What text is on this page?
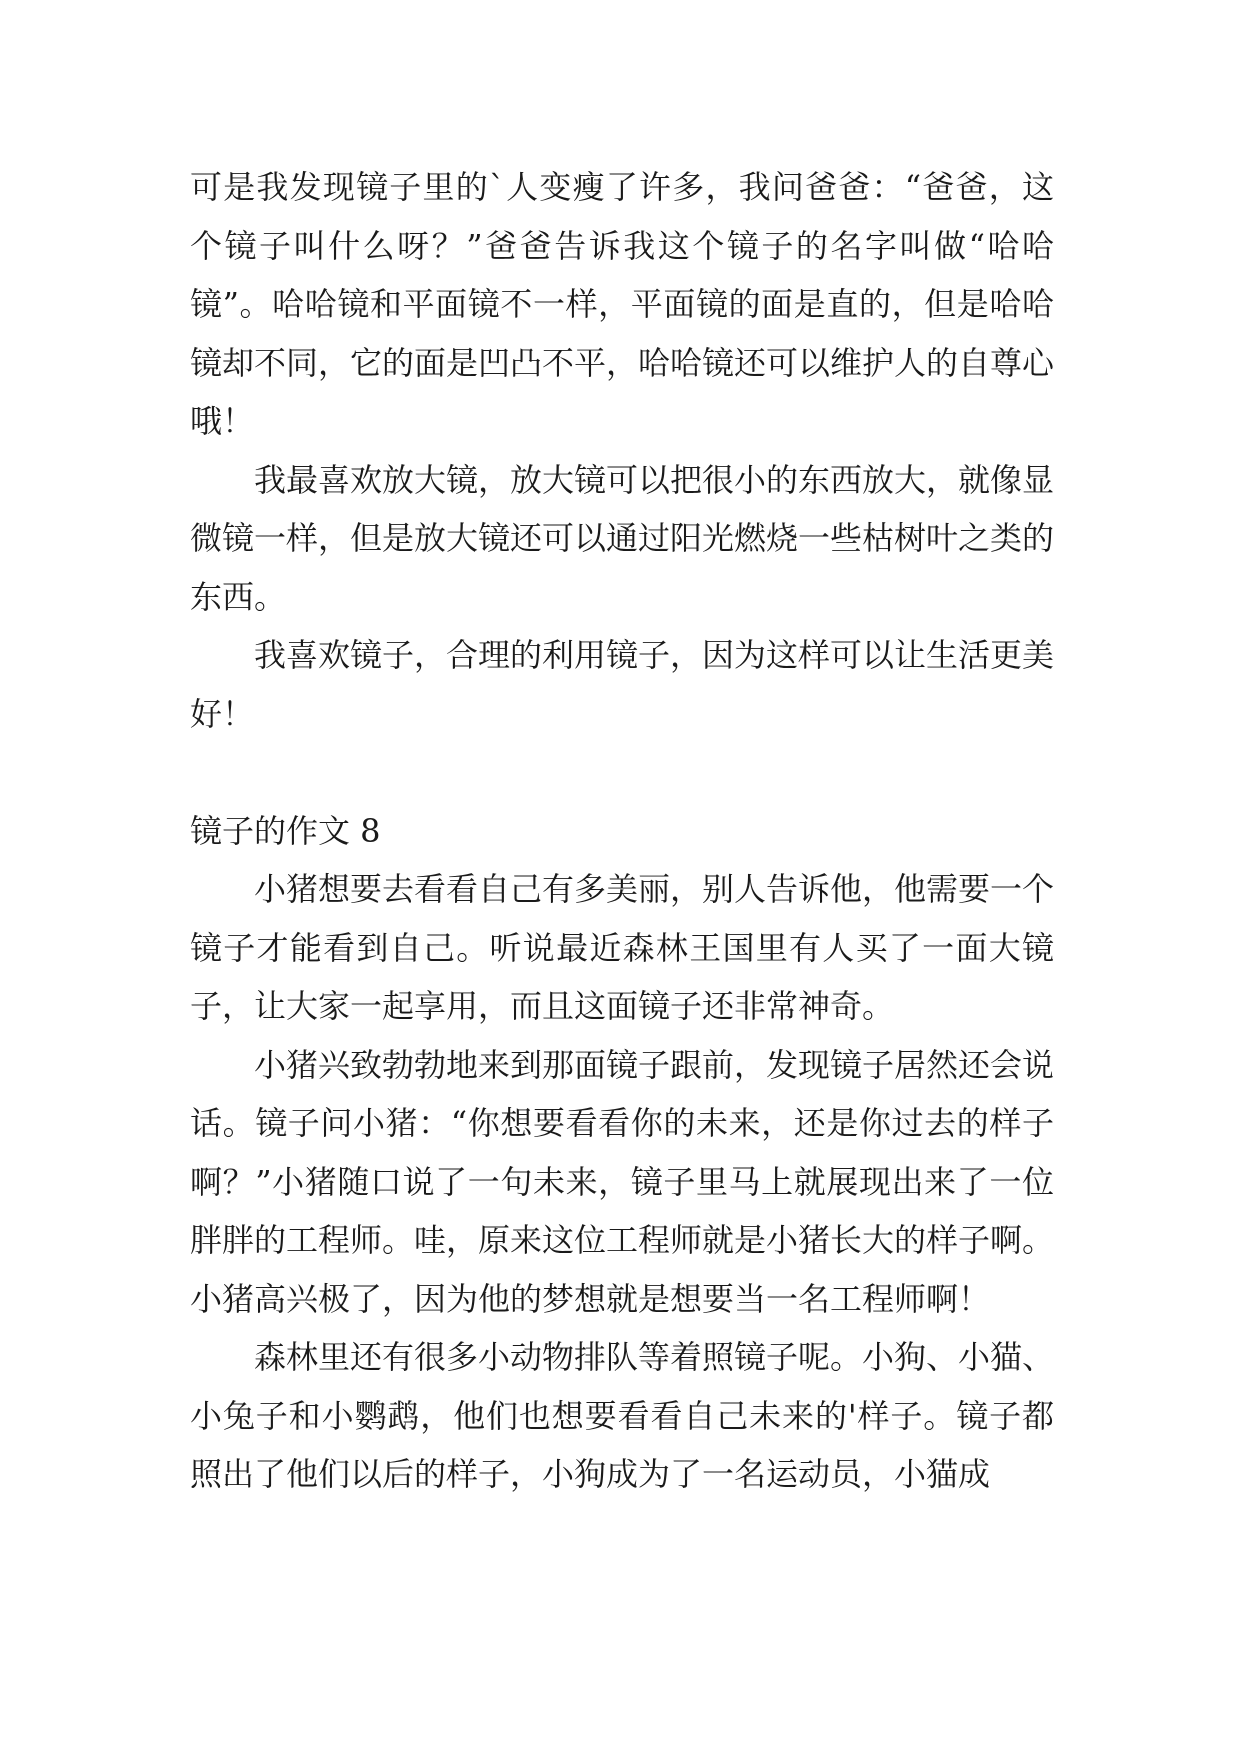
可是我发现镜子里的`人变瘦了许多，我问爸爸：“爸爸，这个镜子叫什么呀？”爸爸告诉我这个镜子的名字叫做“哈哈镜”。哈哈镜和平面镜不一样，平面镜的面是直的，但是哈哈镜却不同，它的面是凹凸不平，哈哈镜还可以维护人的自尊心哦！

我最喜欢放大镜，放大镜可以把很小的东西放大，就像显微镜一样，但是放大镜还可以通过阳光燃烧一些枯树叶之类的东西。

我喜欢镜子，合理的利用镜子，因为这样可以让生活更美好！

镜子的作文 8

小猪想要去看看自己有多美丽，别人告诉他，他需要一个镜子才能看到自己。听说最近森林王国里有人买了一面大镜子，让大家一起享用，而且这面镜子还非常神奇。

小猪兴致勃勃地来到那面镜子跟前，发现镜子居然还会说话。镜子问小猪：“你想要看看你的未来，还是你过去的样子啊？”小猪随口说了一句未来，镜子里马上就展现出来了一位胖胖的工程师。哇，原来这位工程师就是小猪长大的样子啊。小猪高兴极了，因为他的梦想就是想要当一名工程师啊！

森林里还有很多小动物排队等着照镜子呢。小狗、小猫、小兔子和小鹦鹉，他们也想要看看自己未来的'样子。镜子都照出了他们以后的样子，小狗成为了一名运动员，小猫成
